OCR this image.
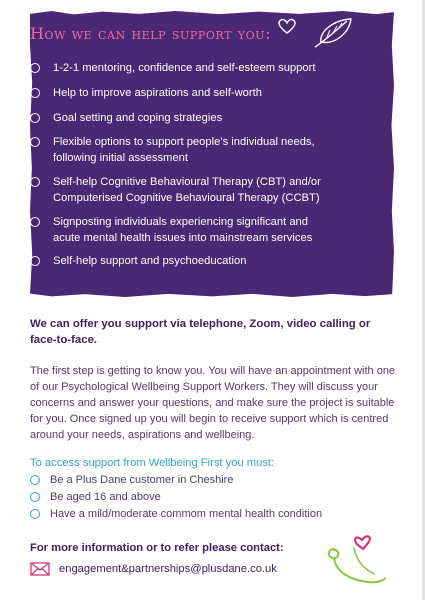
How we can help support you:
1-2-1 mentoring, confidence and self-esteem support
Help to improve aspirations and self-worth
Goal setting and coping strategies
Flexible options to support people’s individual needs, following initial assessment
Self-help Cognitive Behavioural Therapy (CBT) and/or Computerised Cognitive Behavioural Therapy (CCBT)
Signposting individuals experiencing significant and acute mental health issues into mainstream services
Self-help support and psychoeducation

We can offer you support via telephone, Zoom, video calling or face-to-face.

The first step is getting to know you. You will have an appointment with one of our Psychological Wellbeing Support Workers. They will discuss your concerns and answer your questions, and make sure the project is suitable for you. Once signed up you will begin to receive support which is centred around your needs, aspirations and wellbeing.

To access support from Wellbeing First you must:
Be a Plus Dane customer in Cheshire
Be aged 16 and above
Have a mild/moderate commom mental health condition
For more information or to refer please contact:
engagement&partnerships@plusdane.co.uk
